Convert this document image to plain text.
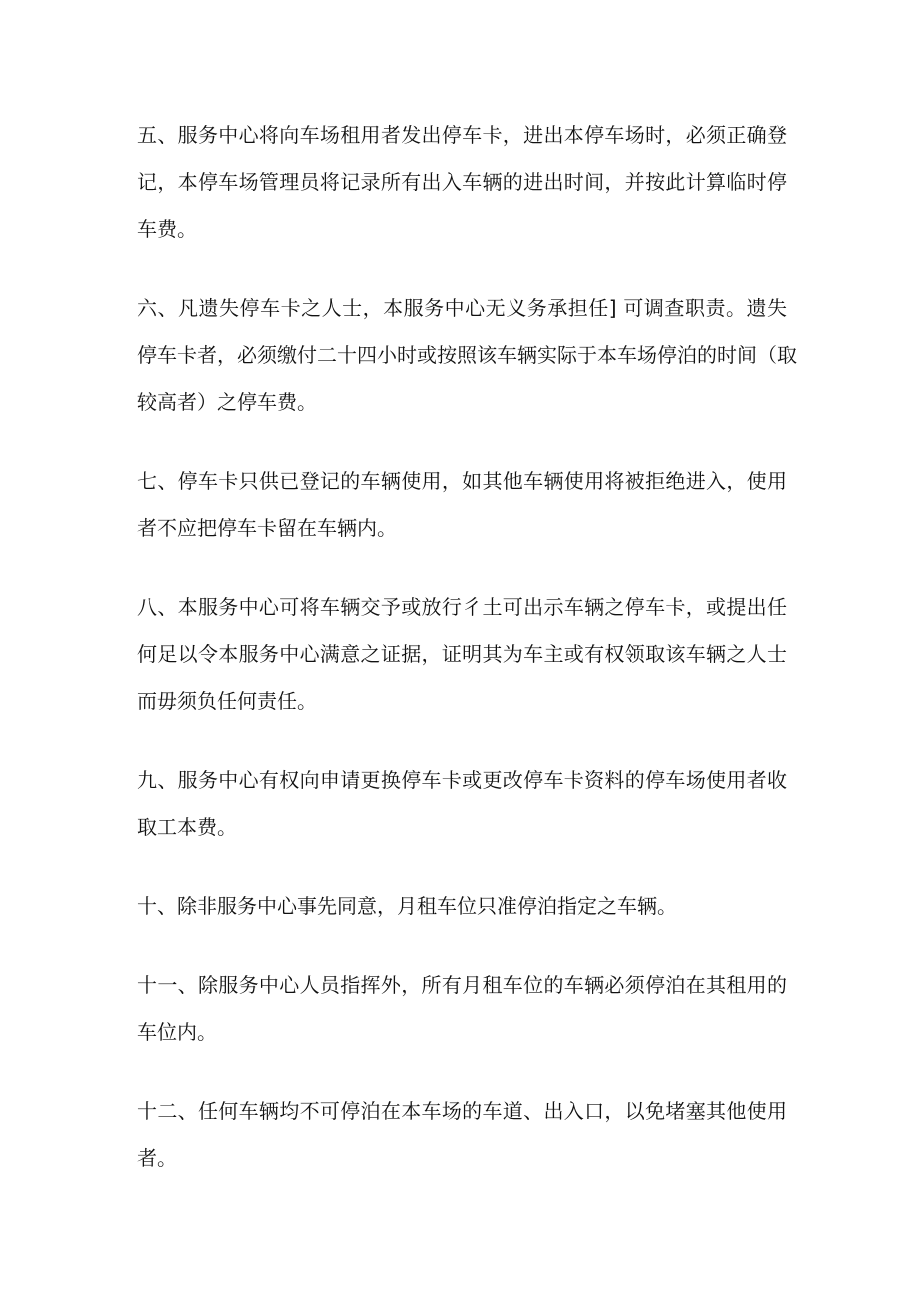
五、服务中心将向车场租用者发出停车卡，进出本停车场时，必须正确登
记，本停车场管理员将记录所有出入车辆的进出时间，并按此计算临时停
车费。

六、凡遗失停车卡之人士，本服务中心无义务承担任] 可调查职责。遗失
停车卡者，必须缴付二十四小时或按照该车辆实际于本车场停泊的时间（取
较高者）之停车费。

七、停车卡只供已登记的车辆使用，如其他车辆使用将被拒绝进入，使用
者不应把停车卡留在车辆内。

八、本服务中心可将车辆交予或放行彳土可出示车辆之停车卡，或提出任
何足以令本服务中心满意之证据，证明其为车主或有权领取该车辆之人士
而毋须负任何责任。

九、服务中心有权向申请更换停车卡或更改停车卡资料的停车场使用者收
取工本费。

十、除非服务中心事先同意，月租车位只准停泊指定之车辆。

十一、除服务中心人员指挥外，所有月租车位的车辆必须停泊在其租用的
车位内。

十二、任何车辆均不可停泊在本车场的车道、出入口，以免堵塞其他使用
者。
